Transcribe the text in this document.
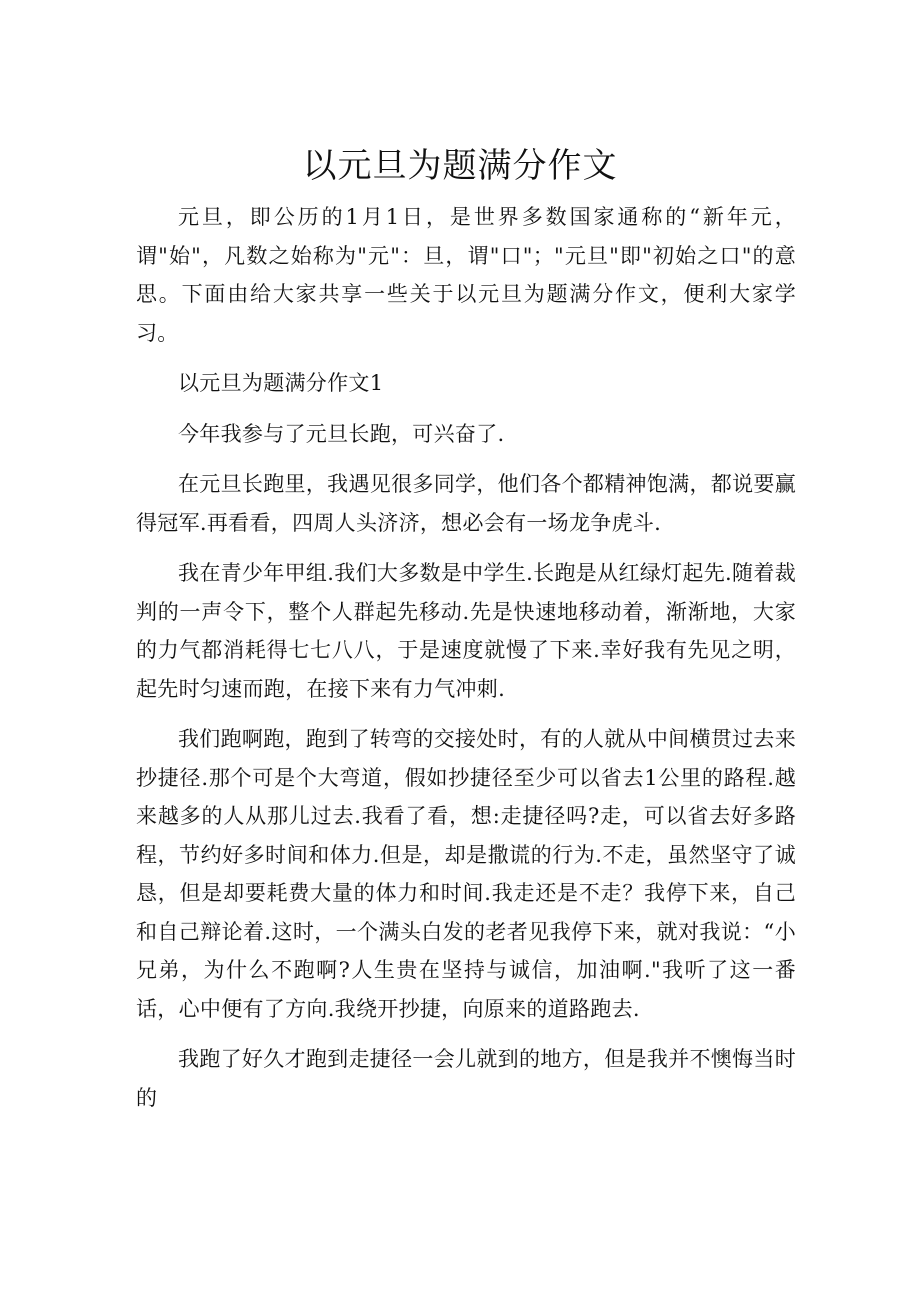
以元旦为题满分作文

元旦，即公历的1月1日，是世界多数国家通称的“新年元，谓"始"，凡数之始称为"元"：旦，谓"口"；"元旦"即"初始之口"的意思。下面由给大家共享一些关于以元旦为题满分作文，便利大家学习。

以元旦为题满分作文1

今年我参与了元旦长跑，可兴奋了.

在元旦长跑里，我遇见很多同学，他们各个都精神饱满，都说要赢得冠军.再看看，四周人头济济，想必会有一场龙争虎斗.

我在青少年甲组.我们大多数是中学生.长跑是从红绿灯起先.随着裁判的一声令下，整个人群起先移动.先是快速地移动着，渐渐地，大家的力气都消耗得七七八八，于是速度就慢了下来.幸好我有先见之明，起先时匀速而跑，在接下来有力气冲刺.

我们跑啊跑，跑到了转弯的交接处时，有的人就从中间横贯过去来抄捷径.那个可是个大弯道，假如抄捷径至少可以省去1公里的路程.越来越多的人从那儿过去.我看了看，想:走捷径吗?走，可以省去好多路程，节约好多时间和体力.但是，却是撒谎的行为.不走，虽然坚守了诚恳，但是却要耗费大量的体力和时间.我走还是不走？我停下来，自己和自己辩论着.这时，一个满头白发的老者见我停下来，就对我说：“小兄弟，为什么不跑啊?人生贵在坚持与诚信，加油啊."我听了这一番话，心中便有了方向.我绕开抄捷，向原来的道路跑去.

我跑了好久才跑到走捷径一会儿就到的地方，但是我并不懊悔当时的
